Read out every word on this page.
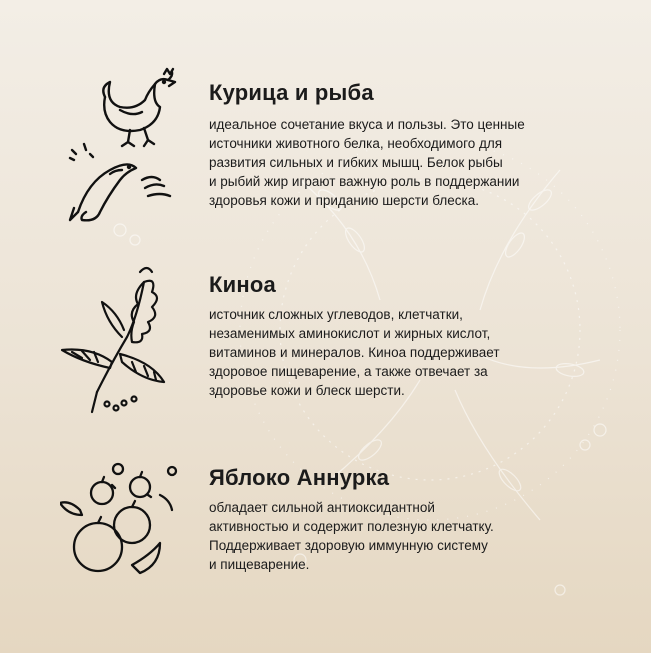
Курица и рыба

идеальное сочетание вкуса и пользы. Это ценные
источники животного белка, необходимого для
развития сильных и гибких мышц. Белок рыбы
и рыбий жир играют важную роль в поддержании
здоровья кожи и приданию шерсти блеска.

Киноа

источник сложных углеводов, клетчатки,
незаменимых аминокислот и жирных кислот,
витаминов и минералов. Киноа поддерживает
здоровое пищеварение, а также отвечает за
здоровье кожи и блеск шерсти.

Яблоко Аннурка

обладает сильной антиоксидантной
активностью и содержит полезную клетчатку.
Поддерживает здоровую иммунную систему
и пищеварение.
